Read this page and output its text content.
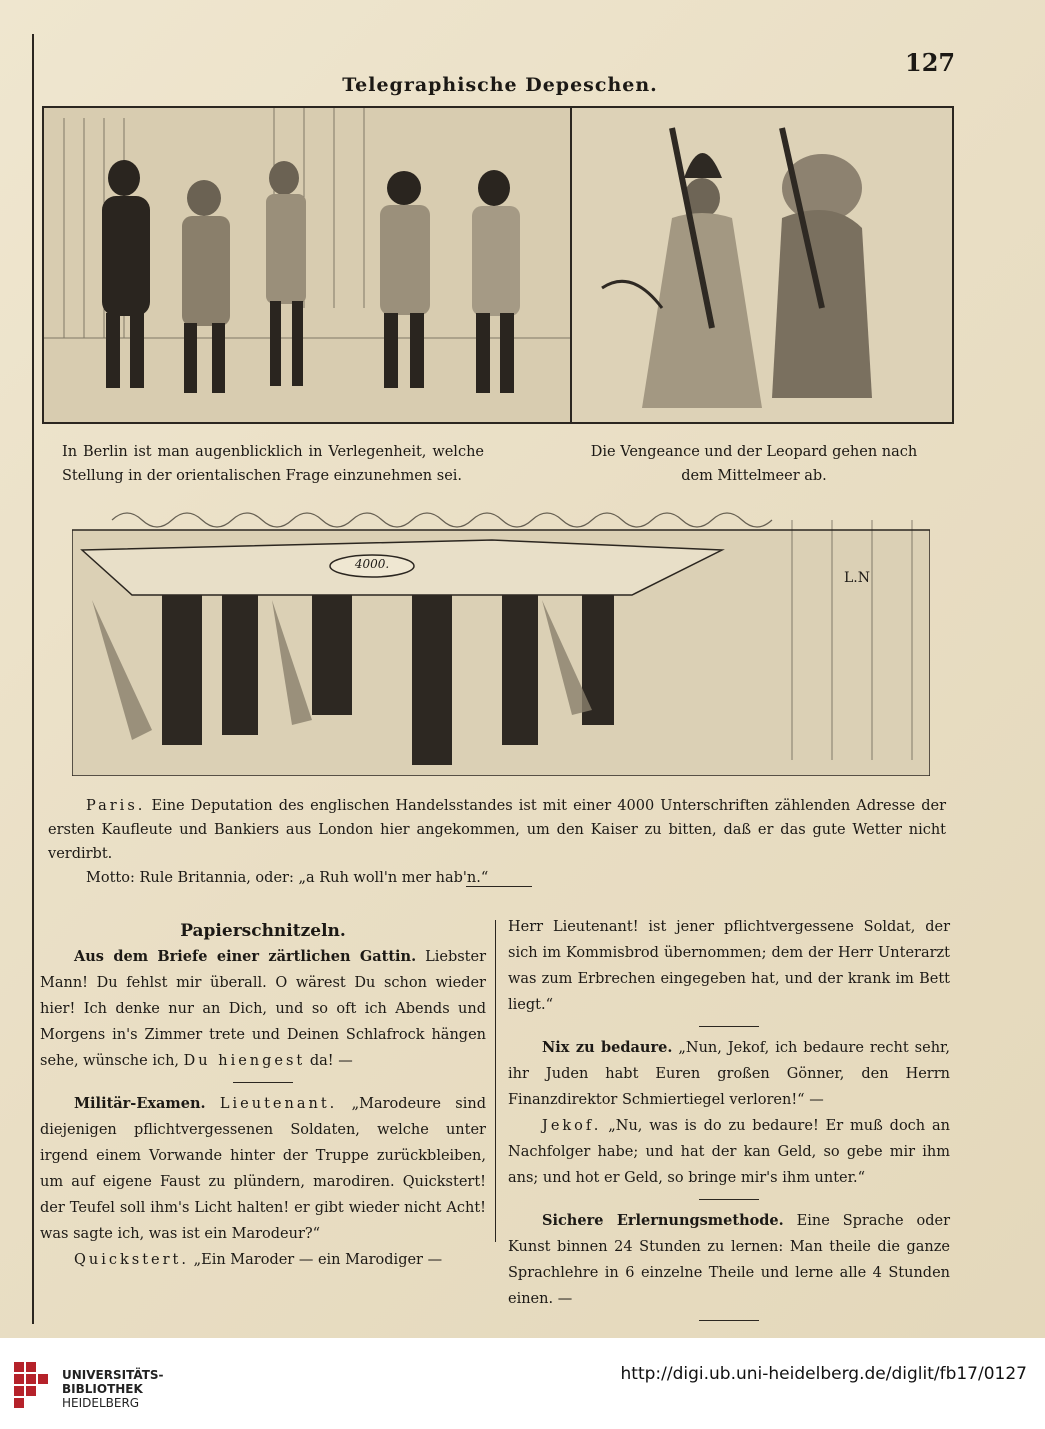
127
Telegraphische Depeschen.
In Berlin ist man augenblicklich in Verlegenheit, welche Stellung in der orientalischen Frage einzunehmen sei.
Die Vengeance und der Leopard gehen nach dem Mittelmeer ab.
4000.
L.N
Paris. Eine Deputation des englischen Handelsstandes ist mit einer 4000 Unterschriften zählenden Adresse der ersten Kaufleute und Bankiers aus London hier angekommen, um den Kaiser zu bitten, daß er das gute Wetter nicht verdirbt.
Motto: Rule Britannia, oder: „a Ruh woll'n mer hab'n.“

Papierschnitzeln.

Aus dem Briefe einer zärtlichen Gattin. Liebster Mann! Du fehlst mir überall. O wärest Du schon wieder hier! Ich denke nur an Dich, und so oft ich Abends und Morgens in's Zimmer trete und Deinen Schlafrock hängen sehe, wünsche ich, Du hiengest da! —

Militär-Examen. Lieutenant. „Marodeure sind diejenigen pflichtvergessenen Soldaten, welche unter irgend einem Vorwande hinter der Truppe zurückbleiben, um auf eigene Faust zu plündern, marodiren. Quickstert! der Teufel soll ihm's Licht halten! er gibt wieder nicht Acht! was sagte ich, was ist ein Marodeur?“

Quickstert. „Ein Maroder — ein Marodiger —

Herr Lieutenant! ist jener pflichtvergessene Soldat, der sich im Kommisbrod übernommen; dem der Herr Unterarzt was zum Erbrechen eingegeben hat, und der krank im Bett liegt.“

Nix zu bedaure. „Nun, Jekof, ich bedaure recht sehr, ihr Juden habt Euren großen Gönner, den Herrn Finanzdirektor Schmiertiegel verloren!“ —

Jekof. „Nu, was is do zu bedaure! Er muß doch an Nachfolger habe; und hat der kan Geld, so gebe mir ihm ans; und hot er Geld, so bringe mir's ihm unter.“

Sichere Erlernungsmethode. Eine Sprache oder Kunst binnen 24 Stunden zu lernen: Man theile die ganze Sprachlehre in 6 einzelne Theile und lerne alle 4 Stunden einen. —

UNIVERSITÄTS-
BIBLIOTHEK
HEIDELBERG
http://digi.ub.uni-heidelberg.de/diglit/fb17/0127
